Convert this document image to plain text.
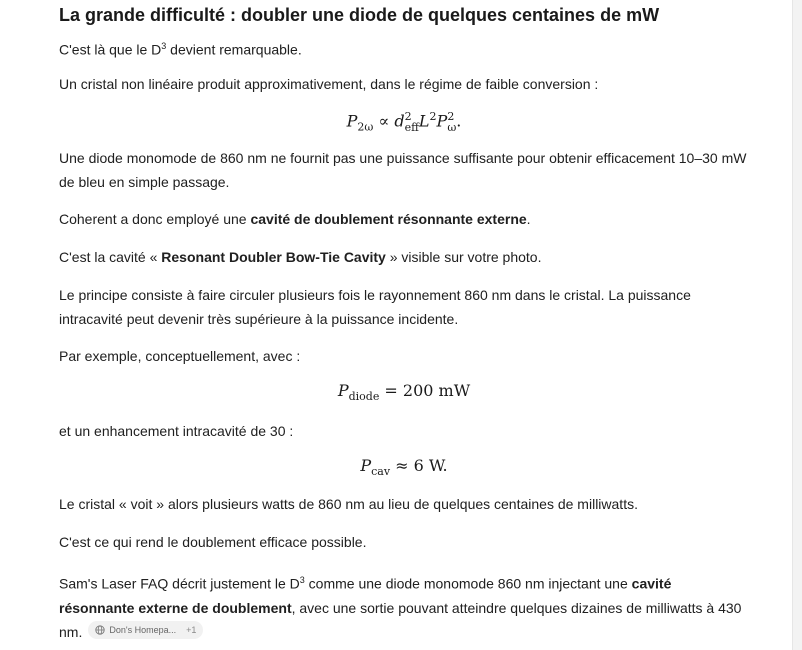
La grande difficulté : doubler une diode de quelques centaines de mW
C'est là que le $D^3$ devient remarquable.
Un cristal non linéaire produit approximativement, dans le régime de faible conversion :
$P_{2\omega} \propto d^2_{eff}L^2P^2_\omega$.
Une diode monomode de 860 nm ne fournit pas une puissance suffisante pour obtenir efficacement 10–30 mW de bleu en simple passage.
Coherent a donc employé une cavité de doublement résonnante externe.
C'est la cavité « Resonant Doubler Bow-Tie Cavity » visible sur votre photo.
Le principe consiste à faire circuler plusieurs fois le rayonnement 860 nm dans le cristal. La puissance intracavité peut devenir très supérieure à la puissance incidente.
Par exemple, conceptuellement, avec :
$P_{diode} = 200$ mW
et un enhancement intracavité de 30 :
$P_{cav} \approx 6$ W.
Le cristal « voit » alors plusieurs watts de 860 nm au lieu de quelques centaines de milliwatts.
C'est ce qui rend le doublement efficace possible.
Sam's Laser FAQ décrit justement le $D^3$ comme une diode monomode 860 nm injectant une cavité résonnante externe de doublement, avec une sortie pouvant atteindre quelques dizaines de milliwatts à 430 nm.	Don's Homepa... +1
